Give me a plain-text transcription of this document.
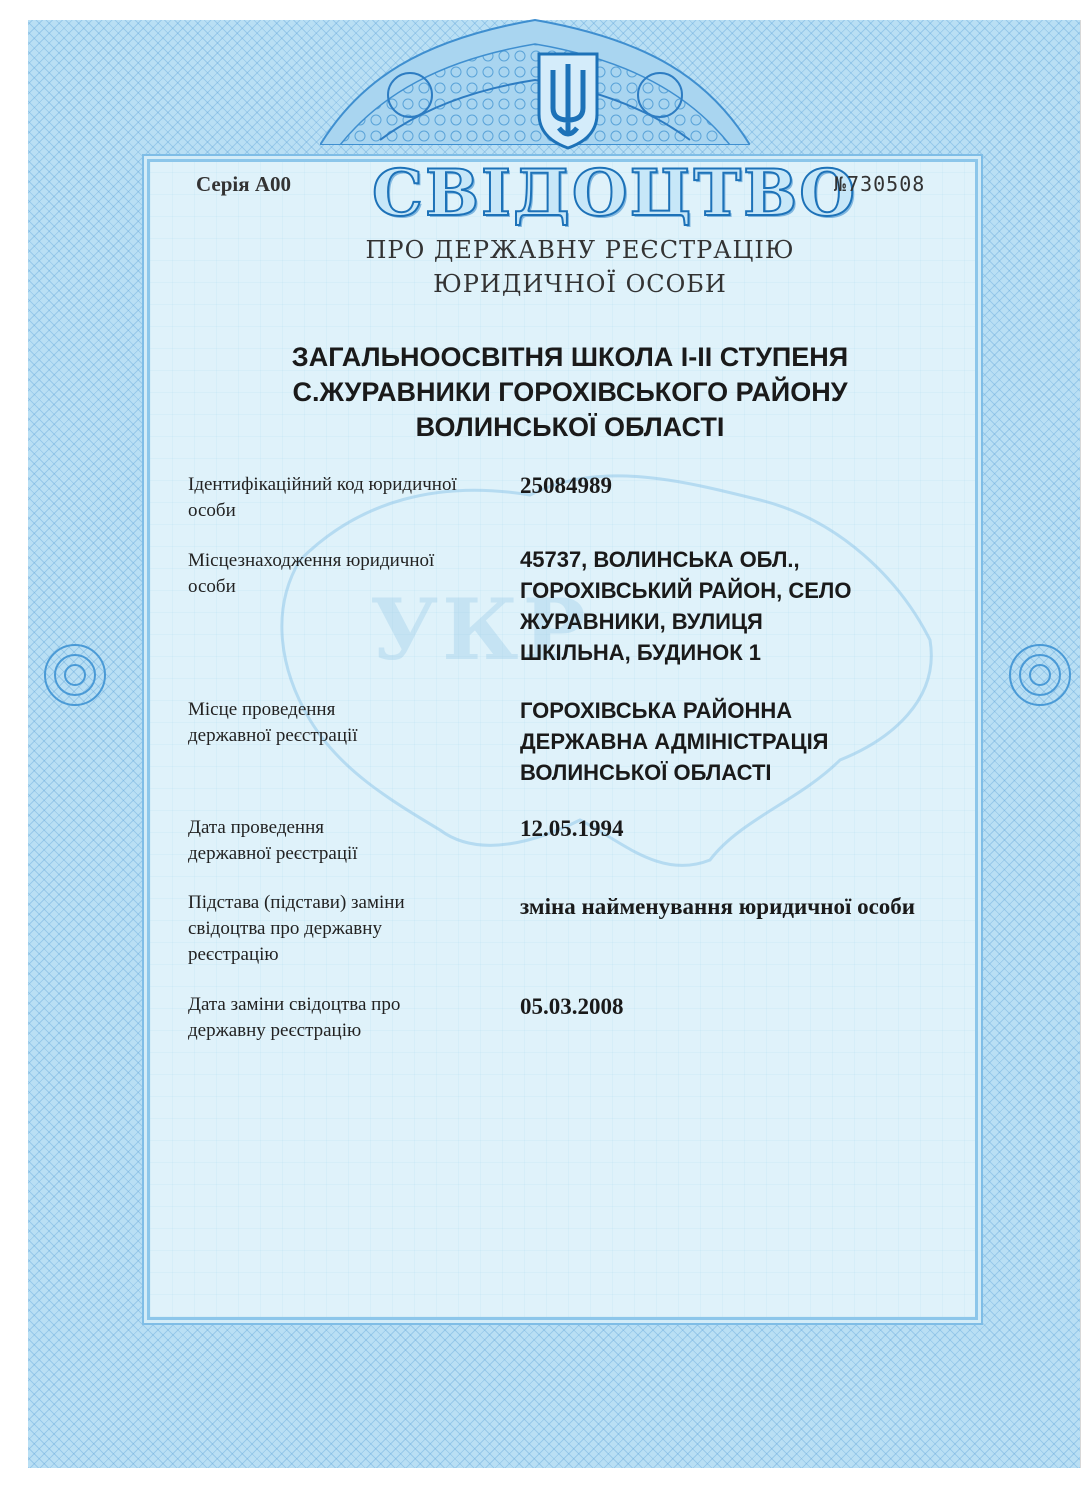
УКР
Серія А00 СВІДОЦТВО
№730508
ПРО ДЕРЖАВНУ РЕЄСТРАЦІЮ
ЮРИДИЧНОЇ ОСОБИ
ЗАГАЛЬНООСВІТНЯ ШКОЛА І-ІІ СТУПЕНЯ
С.ЖУРАВНИКИ ГОРОХІВСЬКОГО РАЙОНУ
ВОЛИНСЬКОЇ ОБЛАСТІ
Ідентифікаційний код юридичної
особи
25084989
Місцезнаходження юридичної
особи
45737, ВОЛИНСЬКА ОБЛ.,
ГОРОХІВСЬКИЙ РАЙОН, СЕЛО
ЖУРАВНИКИ, ВУЛИЦЯ
ШКІЛЬНА, БУДИНОК 1
Місце проведення
державної реєстрації
ГОРОХІВСЬКА РАЙОННА
ДЕРЖАВНА АДМІНІСТРАЦІЯ
ВОЛИНСЬКОЇ ОБЛАСТІ
Дата проведення
державної реєстрації
12.05.1994
Підстава (підстави) заміни
свідоцтва про державну
реєстрацію
зміна найменування юридичної особи
Дата заміни свідоцтва про
державну реєстрацію
05.03.2008
